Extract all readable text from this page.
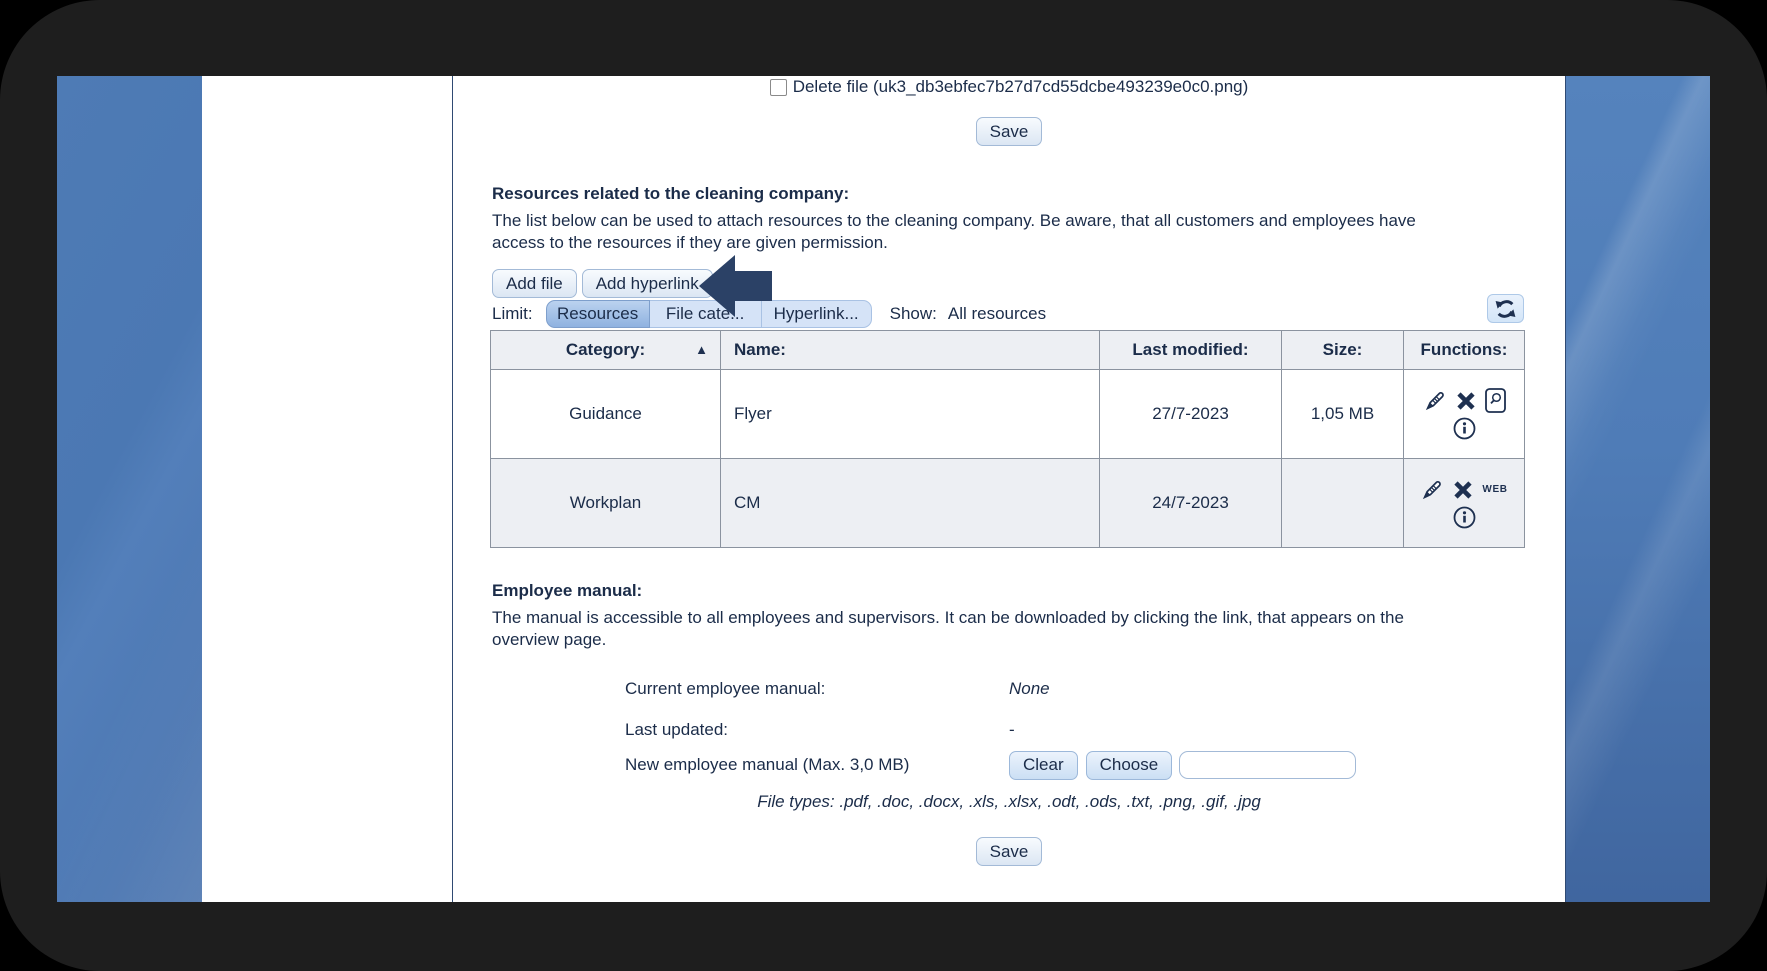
Delete file (uk3_db3ebfec7b27d7cd55dcbe493239e0c0.png)
Save
Resources related to the cleaning company:
The list below can be used to attach resources to the cleaning company. Be aware, that all customers and employees have
access to the resources if they are given permission.
Add file	Add hyperlink
Limit:	Resources	File cate...	Hyperlink...	Show: All resources
Category: ▲	Name:	Last modified:	Size:	Functions:
Guidance	Flyer	27/7-2023	1,05 MB	

Workplan	CM	24/7-2023		WEB
Employee manual:
The manual is accessible to all employees and supervisors. It can be downloaded by clicking the link, that appears on the
overview page.
Current employee manual:	None
Last updated:	-
New employee manual (Max. 3,0 MB)	Clear	Choose
File types: .pdf, .doc, .docx, .xls, .xlsx, .odt, .ods, .txt, .png, .gif, .jpg
Save
